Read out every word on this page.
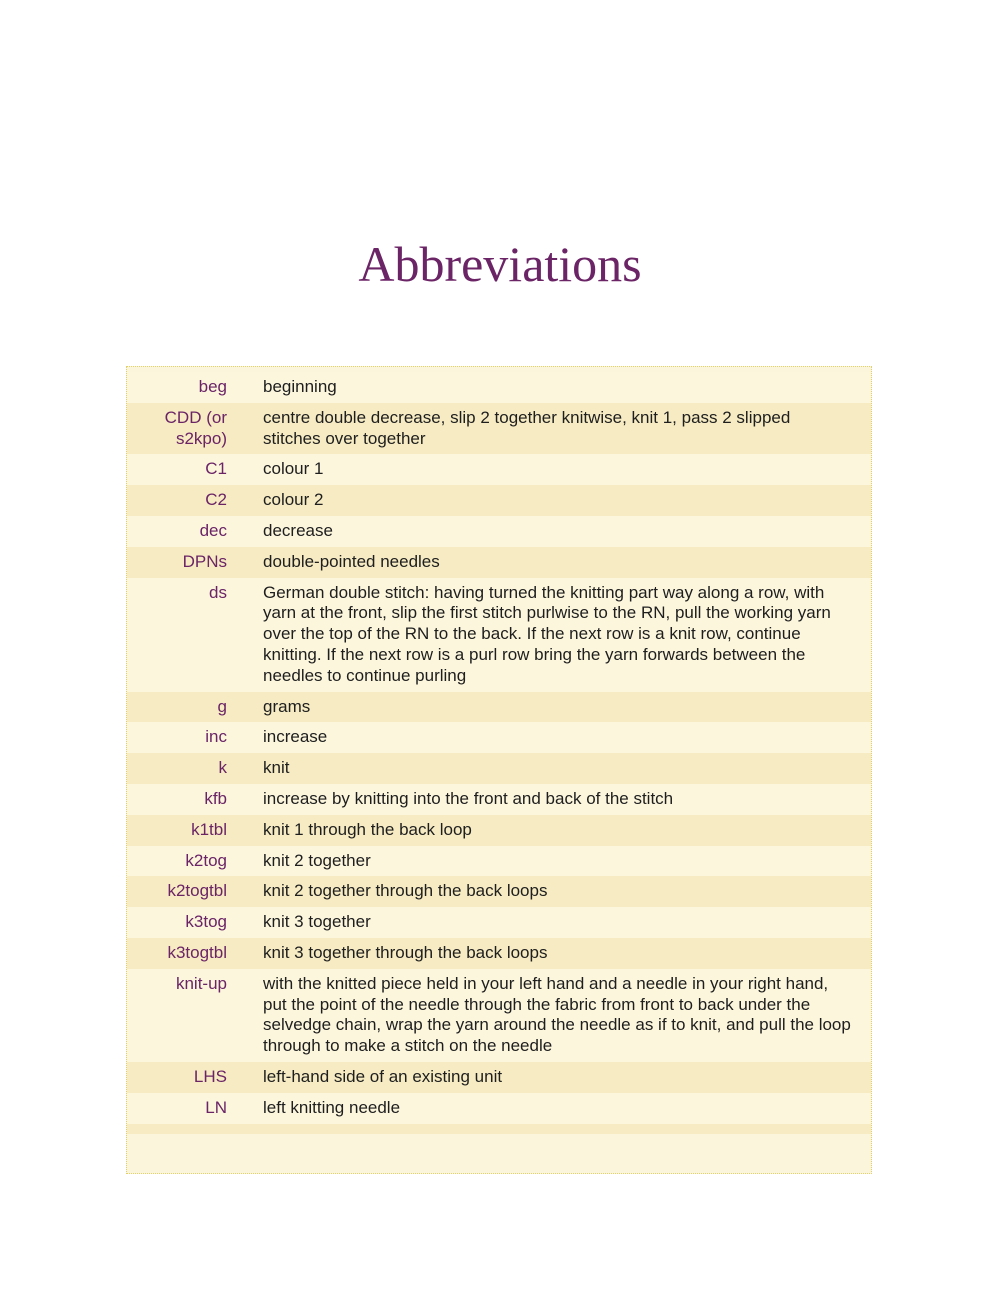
Abbreviations
beg beginning
CDD (or s2kpo)
centre double decrease, slip 2 together knitwise, knit 1, pass 2 slipped stitches over together
C1 colour 1
C2 colour 2
dec decrease
DPNs double-pointed needles
ds German double stitch: having turned the knitting part way along a row, with yarn at the front, slip the first stitch purlwise to the RN, pull the working yarn over the top of the RN to the back. If the next row is a knit row, continue knitting. If the next row is a purl row bring the yarn forwards between the needles to continue purling
g grams
inc increase
k knit
kfb increase by knitting into the front and back of the stitch
k1tbl knit 1 through the back loop
k2tog knit 2 together
k2togtbl knit 2 together through the back loops
k3tog knit 3 together
k3togtbl knit 3 together through the back loops
knit-up with the knitted piece held in your left hand and a needle in your right hand, put the point of the needle through the fabric from front to back under the selvedge chain, wrap the yarn around the needle as if to knit, and pull the loop through to make a stitch on the needle
LHS left-hand side of an existing unit
LN left knitting needle
